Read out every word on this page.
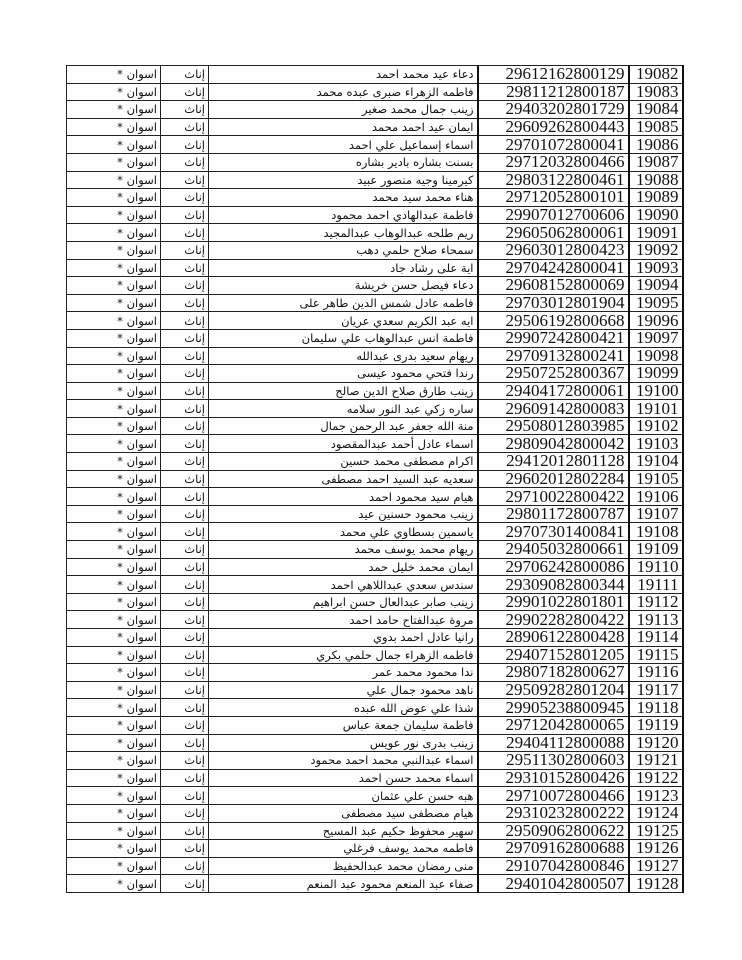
اسوان *	إناث	دعاء عيد محمد احمد	29612162800129	19082
اسوان *	إناث	فاطمه الزهراء صبرى عبده محمد	29811212800187	19083
اسوان *	إناث	زينب جمال محمد صغير	29403202801729	19084
اسوان *	إناث	ايمان عيد احمد محمد	29609262800443	19085
اسوان *	إناث	اسماء إسماعيل علي احمد	29701072800041	19086
اسوان *	إناث	بسنت بشاره بادير بشاره	29712032800466	19087
اسوان *	إناث	كيرمينا وجيه منصور عبيد	29803122800461	19088
اسوان *	إناث	هناء محمد سيد محمد	29712052800101	19089
اسوان *	إناث	فاطمة عبدالهادي احمد محمود	29907012700606	19090
اسوان *	إناث	ريم طلحه عبدالوهاب عبدالمجيد	29605062800061	19091
اسوان *	إناث	سمحاء صلاح حلمي دهب	29603012800423	19092
اسوان *	إناث	اية على رشاد جاد	29704242800041	19093
اسوان *	إناث	دعاء فيصل حسن خريشة	29608152800069	19094
اسوان *	إناث	فاطمه عادل شمس الدين طاهر على	29703012801904	19095
اسوان *	إناث	ايه عبد الكريم سعدي عريان	29506192800668	19096
اسوان *	إناث	فاطمة انس عبدالوهاب علي سليمان	29907242800421	19097
اسوان *	إناث	ريهام سعيد بدرى عبدالله	29709132800241	19098
اسوان *	إناث	رندا فتحي محمود عيسى	29507252800367	19099
اسوان *	إناث	زينب طارق صلاح الدين صالح	29404172800061	19100
اسوان *	إناث	ساره زكي عبد النور سلامه	29609142800083	19101
اسوان *	إناث	منة الله جعفر عبد الرحمن جمال	29508012803985	19102
اسوان *	إناث	اسماء عادل أحمد عبدالمقصود	29809042800042	19103
اسوان *	إناث	اكرام مصطفى محمد حسين	29412012801128	19104
اسوان *	إناث	سعديه عبد السيد احمد مصطفى	29602012802284	19105
اسوان *	إناث	هيام سيد محمود احمد	29710022800422	19106
اسوان *	إناث	زينب محمود حسنين عيد	29801172800787	19107
اسوان *	إناث	ياسمين بسطاوي علي محمد	29707301400841	19108
اسوان *	إناث	ريهام محمد يوسف محمد	29405032800661	19109
اسوان *	إناث	ايمان محمد خليل حمد	29706242800086	19110
اسوان *	إناث	سندس سعدي عبداللاهي احمد	29309082800344	19111
اسوان *	إناث	زينب صابر عبدالعال حسن ابراهيم	29901022801801	19112
اسوان *	إناث	مروة عبدالفتاح حامد احمد	29902282800422	19113
اسوان *	إناث	رانيا عادل احمد بدوي	28906122800428	19114
اسوان *	إناث	فاطمه الزهراء جمال حلمي بكري	29407152801205	19115
اسوان *	إناث	ندا محمود محمد عمر	29807182800627	19116
اسوان *	إناث	ناهد محمود جمال علي	29509282801204	19117
اسوان *	إناث	شذا علي عوض الله عبده	29905238800945	19118
اسوان *	إناث	فاطمة سليمان جمعة عباس	29712042800065	19119
اسوان *	إناث	زينب بدرى نور عويس	29404112800088	19120
اسوان *	إناث	اسماء عبدالنبي محمد احمد محمود	29511302800603	19121
اسوان *	إناث	اسماء محمد حسن احمد	29310152800426	19122
اسوان *	إناث	هبه حسن علي عثمان	29710072800466	19123
اسوان *	إناث	هيام مصطفى سيد مصطفى	29310232800222	19124
اسوان *	إناث	سهير محفوظ حكيم عبد المسيح	29509062800622	19125
اسوان *	إناث	فاطمه محمد يوسف فرغلي	29709162800688	19126
اسوان *	إناث	منى رمضان محمد عبدالحفيظ	29107042800846	19127
اسوان *	إناث	صفاء عبد المنعم محمود عبد المنعم	29401042800507	19128
